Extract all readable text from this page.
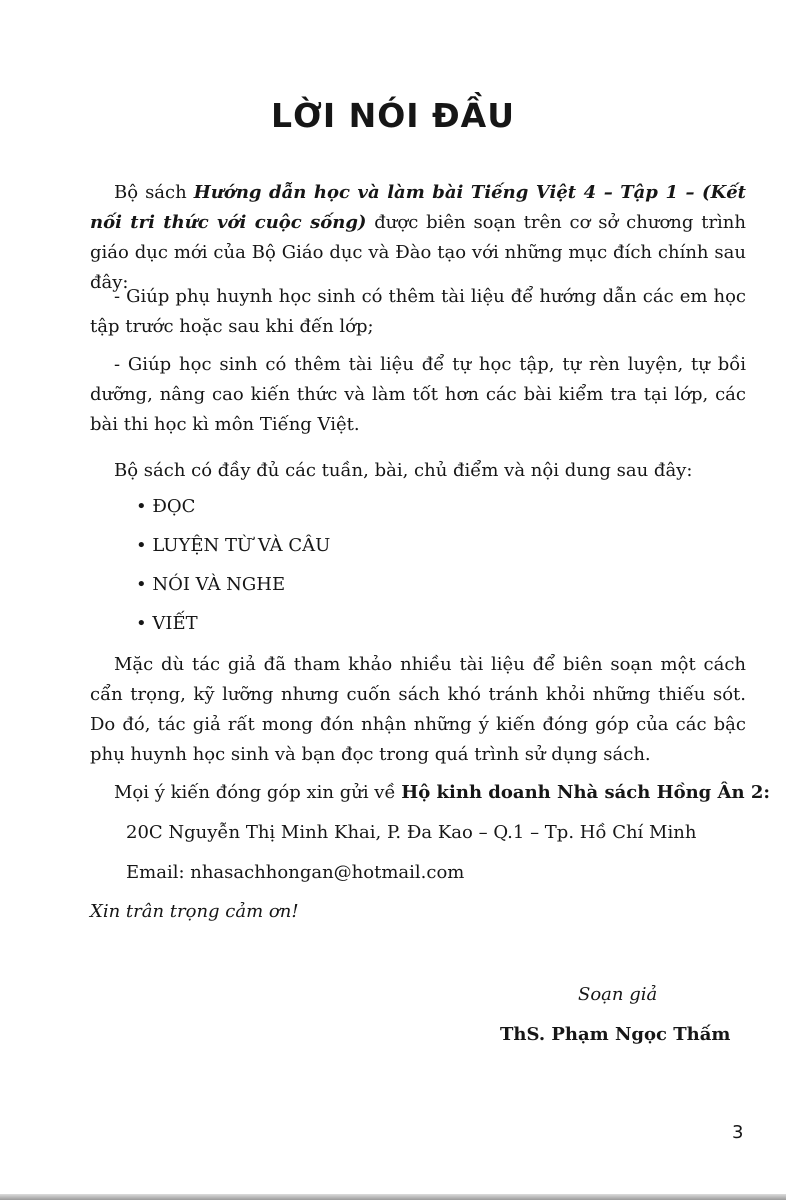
LỜI NÓI ĐẦU

Bộ sách Hướng dẫn học và làm bài Tiếng Việt 4 – Tập 1 – (Kết nối tri thức với cuộc sống) được biên soạn trên cơ sở chương trình giáo dục mới của Bộ Giáo dục và Đào tạo với những mục đích chính sau đây:

- Giúp phụ huynh học sinh có thêm tài liệu để hướng dẫn các em học tập trước hoặc sau khi đến lớp;

- Giúp học sinh có thêm tài liệu để tự học tập, tự rèn luyện, tự bồi dưỡng, nâng cao kiến thức và làm tốt hơn các bài kiểm tra tại lớp, các bài thi học kì môn Tiếng Việt.

Bộ sách có đầy đủ các tuần, bài, chủ điểm và nội dung sau đây:

• ĐỌC
• LUYỆN TỪ VÀ CÂU
• NÓI VÀ NGHE
• VIẾT

Mặc dù tác giả đã tham khảo nhiều tài liệu để biên soạn một cách cẩn trọng, kỹ lưỡng nhưng cuốn sách khó tránh khỏi những thiếu sót. Do đó, tác giả rất mong đón nhận những ý kiến đóng góp của các bậc phụ huynh học sinh và bạn đọc trong quá trình sử dụng sách.

Mọi ý kiến đóng góp xin gửi về Hộ kinh doanh Nhà sách Hồng Ân 2:

20C Nguyễn Thị Minh Khai, P. Đa Kao – Q.1 – Tp. Hồ Chí Minh

Email: nhasachhongan@hotmail.com

Xin trân trọng cảm ơn!

Soạn giả

ThS. Phạm Ngọc Thấm

3
